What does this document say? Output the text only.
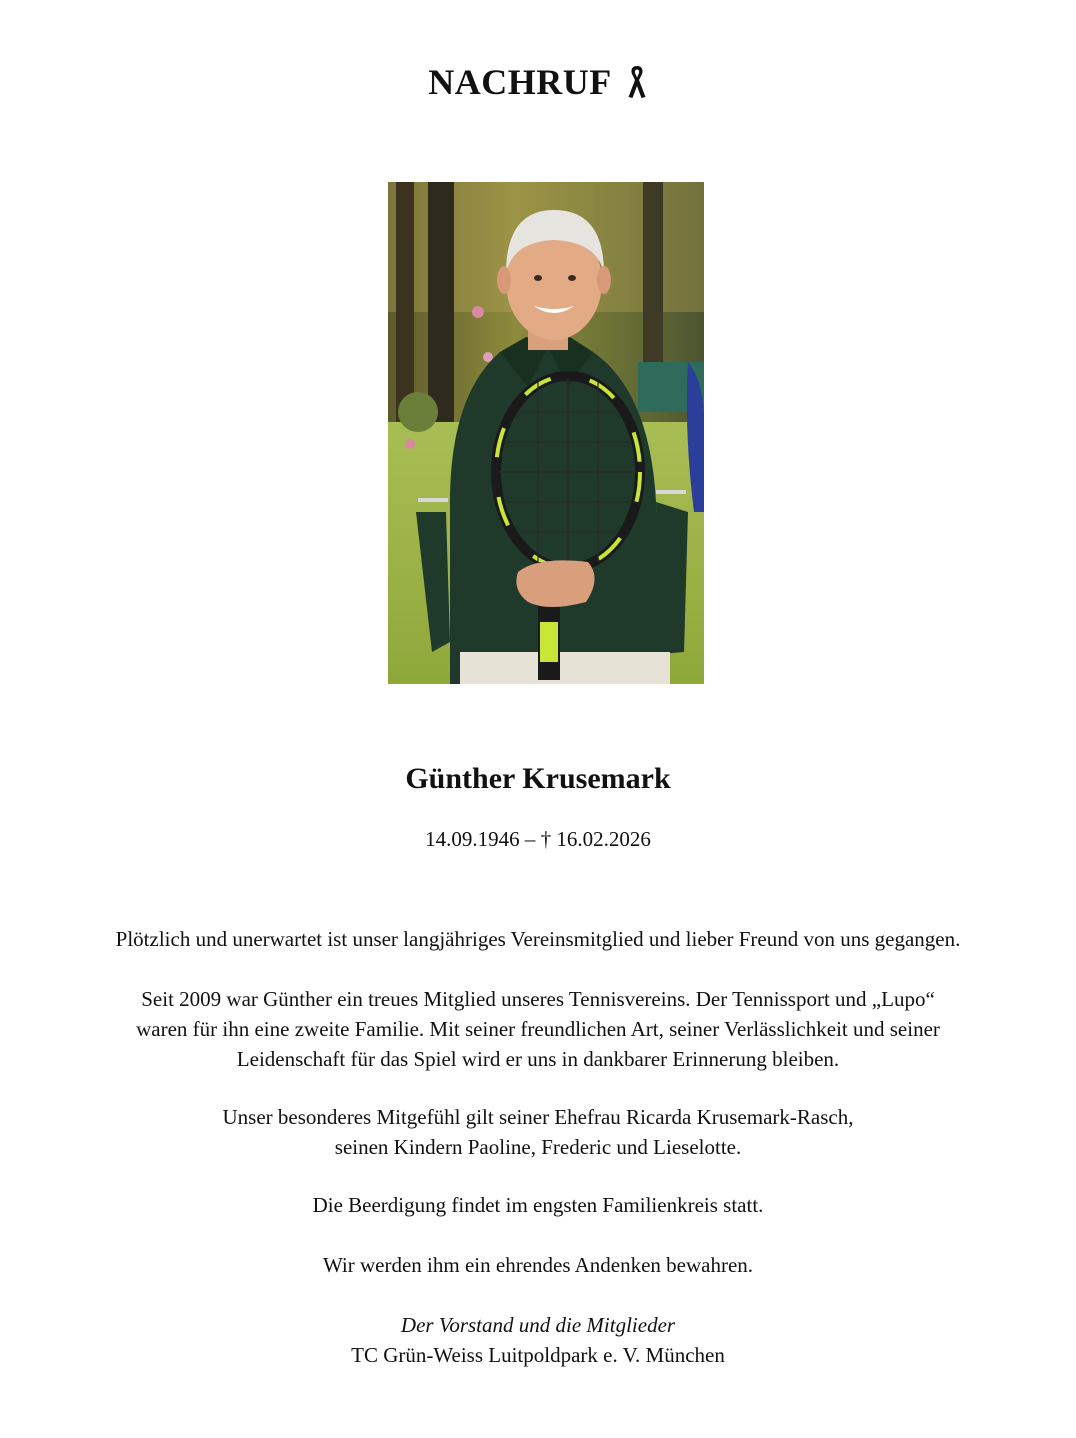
NACHRUF
Günther Krusemark
14.09.1946 – † 16.02.2026

Plötzlich und unerwartet ist unser langjähriges Vereinsmitglied und lieber Freund von uns gegangen.

Seit 2009 war Günther ein treues Mitglied unseres Tennisvereins. Der Tennissport und „Lupo“

waren für ihn eine zweite Familie. Mit seiner freundlichen Art, seiner Verlässlichkeit und seiner

Leidenschaft für das Spiel wird er uns in dankbarer Erinnerung bleiben.

Unser besonderes Mitgefühl gilt seiner Ehefrau Ricarda Krusemark-Rasch,

seinen Kindern Paoline, Frederic und Lieselotte.

Die Beerdigung findet im engsten Familienkreis statt.

Wir werden ihm ein ehrendes Andenken bewahren.

Der Vorstand und die Mitglieder

TC Grün-Weiss Luitpoldpark e. V. München
